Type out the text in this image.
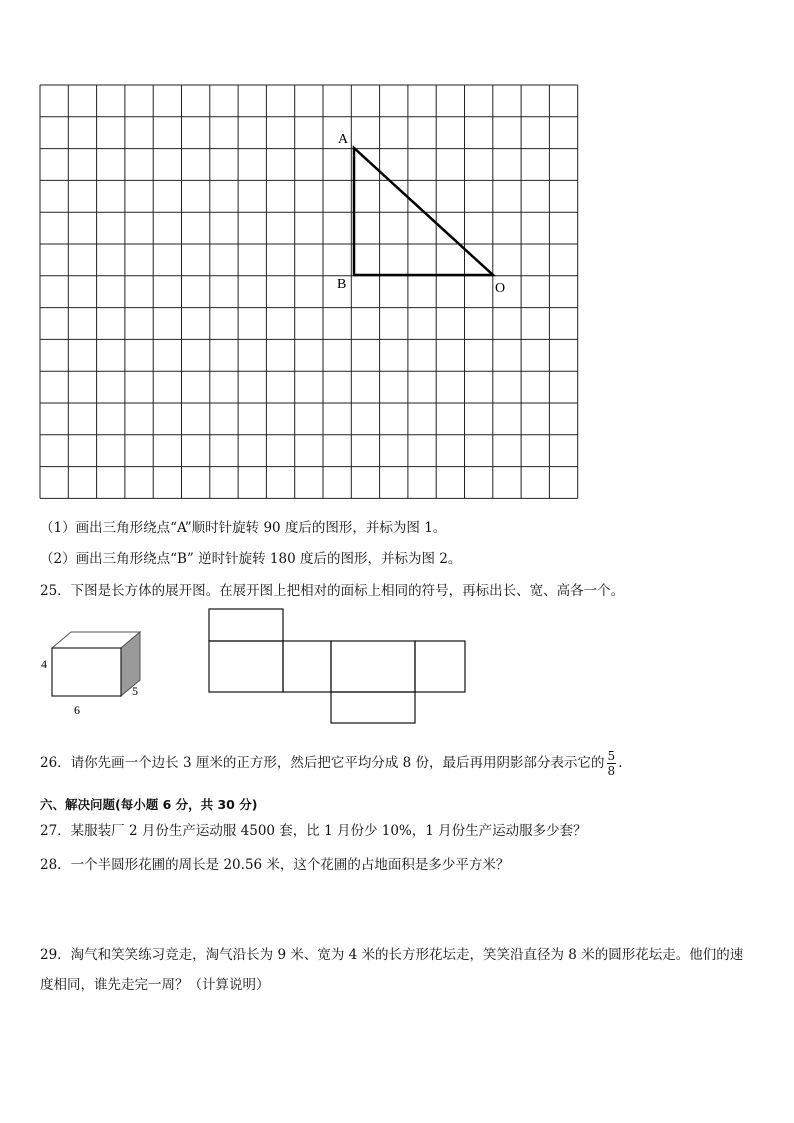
A
B	O
（1）画出三角形绕点“A”顺时针旋转 90 度后的图形，并标为图 1。
（2）画出三角形绕点“B” 逆时针旋转 180 度后的图形，并标为图 2。
25．下图是长方体的展开图。在展开图上把相对的面标上相同的符号，再标出长、宽、高各一个。
4
5
6
26．请你先画一个边长 3 厘米的正方形，然后把它平均分成 8 份，最后再用阴影部分表示它的 $\frac{5}{8}$ .
六、解决问题(每小题 6 分，共 30 分)
27．某服装厂 2 月份生产运动服 4500 套，比 1 月份少 10%，1 月份生产运动服多少套？
28．一个半圆形花圃的周长是 20.56 米，这个花圃的占地面积是多少平方米？
29．淘气和笑笑练习竞走，淘气沿长为 9 米、宽为 4 米的长方形花坛走，笑笑沿直径为 8 米的圆形花坛走。他们的速
度相同，谁先走完一周？（计算说明）
